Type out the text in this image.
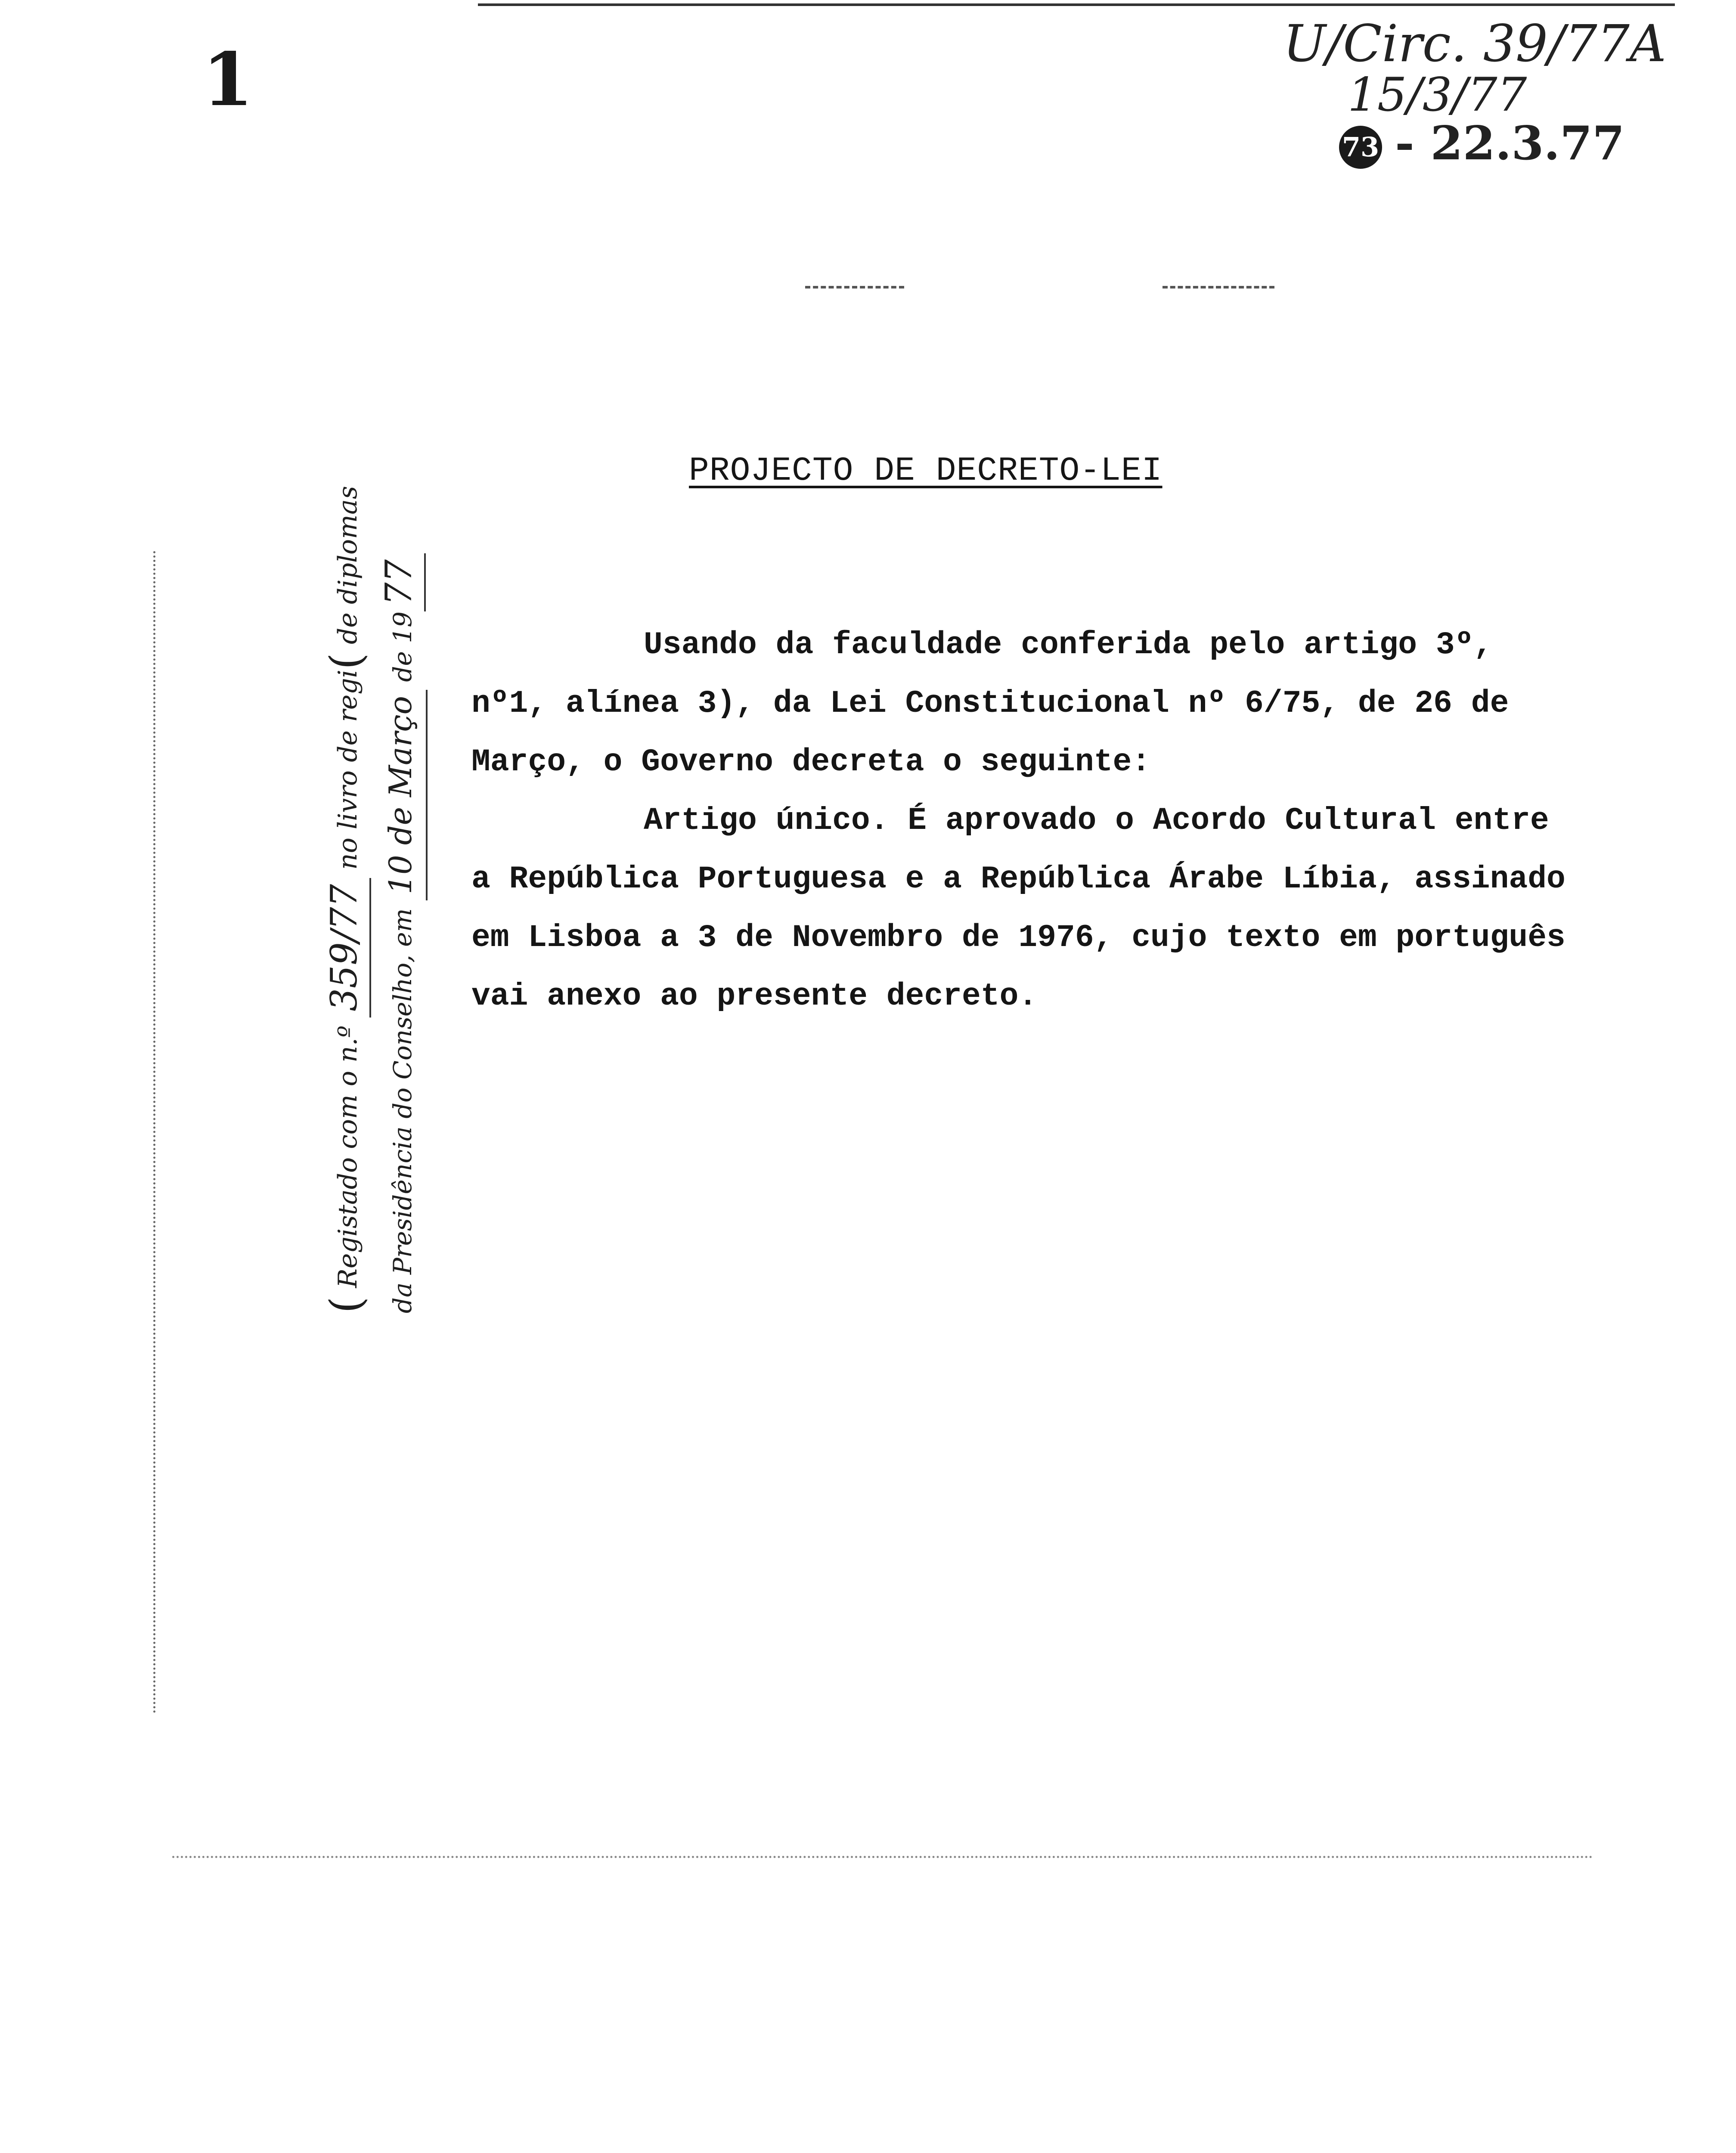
1	U/Circ. 39/77A
15/3/77
73 - 22.3.77
PROJECTO DE DECRETO-LEI
(Registado com o n.º 359/77 no livro de regi(de diplomas
da Presidência do Conselho, em 10 de Março de 1977

Usando da faculdade conferida pelo artigo 3º, nº1, alínea 3), da Lei Constitucional nº 6/75, de 26 de Março, o Governo decreta o seguinte:

Artigo único. É aprovado o Acordo Cultural entre a República Portuguesa e a República Árabe Líbia, assinado em Lisboa a 3 de Novembro de 1976, cujo texto em português vai anexo ao presente decreto.
